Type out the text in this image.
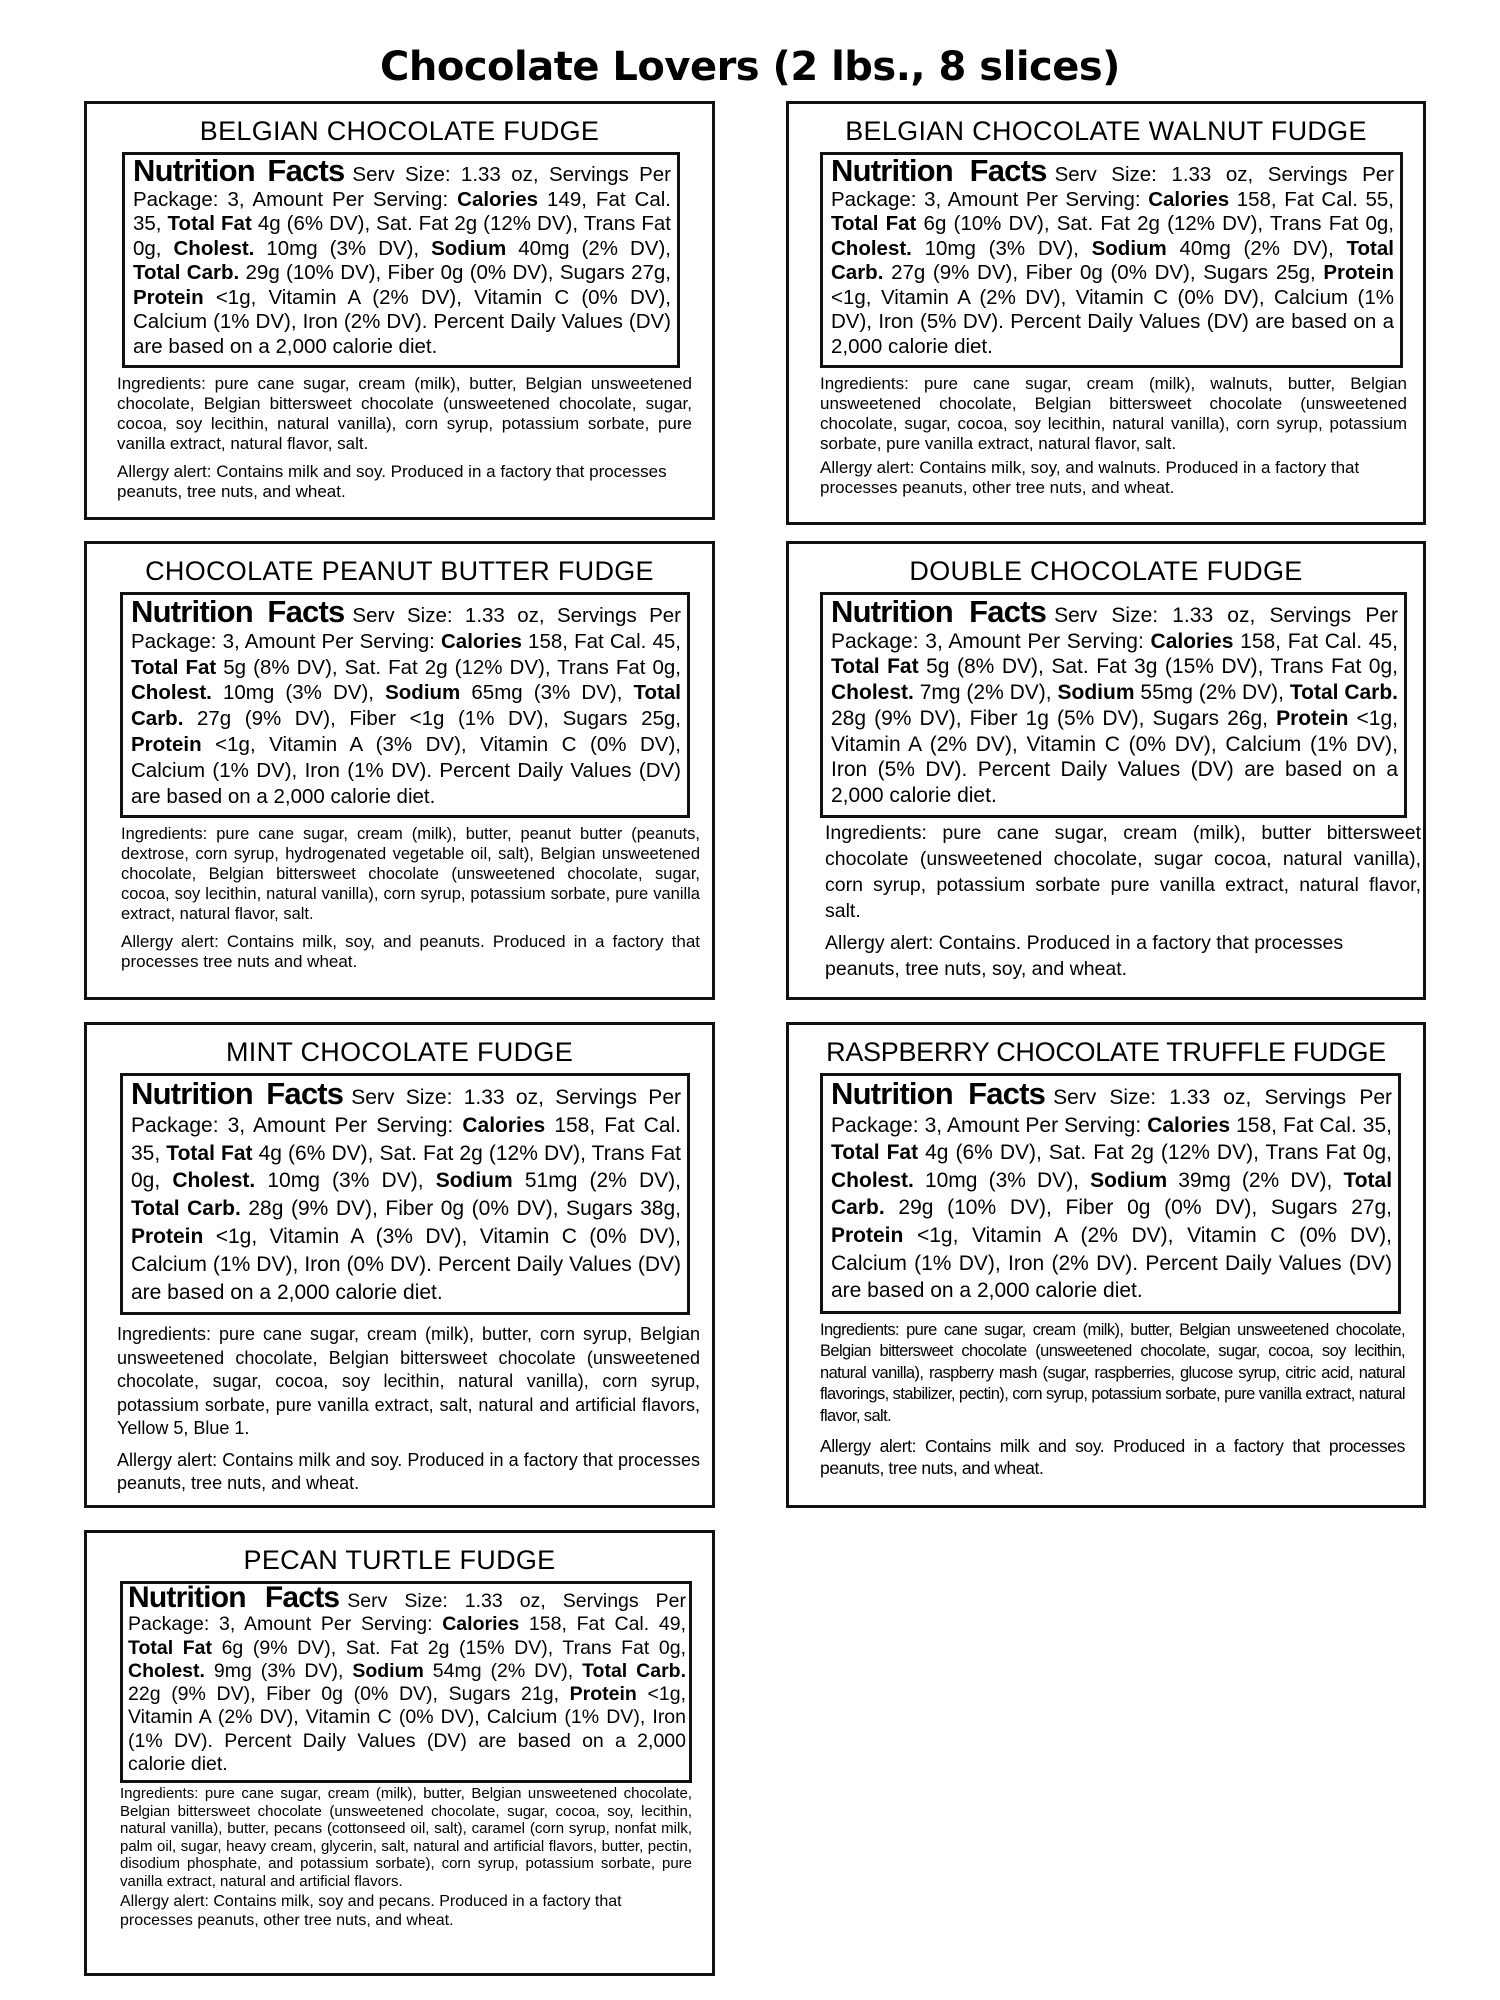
Chocolate Lovers (2 lbs., 8 slices)
BELGIAN CHOCOLATE FUDGE

Nutrition Facts Serv Size: 1.33 oz, Servings Per Package: 3, Amount Per Serving: Calories 149, Fat Cal. 35, Total Fat 4g (6% DV), Sat. Fat 2g (12% DV), Trans Fat 0g, Cholest. 10mg (3% DV), Sodium 40mg (2% DV), Total Carb. 29g (10% DV), Fiber 0g (0% DV), Sugars 27g, Protein <1g, Vitamin A (2% DV), Vitamin C (0% DV), Calcium (1% DV), Iron (2% DV). Percent Daily Values (DV) are based on a 2,000 calorie diet.

Ingredients: pure cane sugar, cream (milk), butter, Belgian unsweetened chocolate, Belgian bittersweet chocolate (unsweetened chocolate, sugar, cocoa, soy lecithin, natural vanilla), corn syrup, potassium sorbate, pure vanilla extract, natural flavor, salt.
Allergy alert: Contains milk and soy. Produced in a factory that processes peanuts, tree nuts, and wheat.
BELGIAN CHOCOLATE WALNUT FUDGE

Nutrition Facts Serv Size: 1.33 oz, Servings Per Package: 3, Amount Per Serving: Calories 158, Fat Cal. 55, Total Fat 6g (10% DV), Sat. Fat 2g (12% DV), Trans Fat 0g, Cholest. 10mg (3% DV), Sodium 40mg (2% DV), Total Carb. 27g (9% DV), Fiber 0g (0% DV), Sugars 25g, Protein <1g, Vitamin A (2% DV), Vitamin C (0% DV), Calcium (1% DV), Iron (5% DV). Percent Daily Values (DV) are based on a 2,000 calorie diet.

Ingredients: pure cane sugar, cream (milk), walnuts, butter, Belgian unsweetened chocolate, Belgian bittersweet chocolate (unsweetened chocolate, sugar, cocoa, soy lecithin, natural vanilla), corn syrup, potassium sorbate, pure vanilla extract, natural flavor, salt.
Allergy alert: Contains milk, soy, and walnuts. Produced in a factory that processes peanuts, other tree nuts, and wheat.
CHOCOLATE PEANUT BUTTER FUDGE

Nutrition Facts Serv Size: 1.33 oz, Servings Per Package: 3, Amount Per Serving: Calories 158, Fat Cal. 45, Total Fat 5g (8% DV), Sat. Fat 2g (12% DV), Trans Fat 0g, Cholest. 10mg (3% DV), Sodium 65mg (3% DV), Total Carb. 27g (9% DV), Fiber <1g (1% DV), Sugars 25g, Protein <1g, Vitamin A (3% DV), Vitamin C (0% DV), Calcium (1% DV), Iron (1% DV). Percent Daily Values (DV) are based on a 2,000 calorie diet.

Ingredients: pure cane sugar, cream (milk), butter, peanut butter (peanuts, dextrose, corn syrup, hydrogenated vegetable oil, salt), Belgian unsweetened chocolate, Belgian bittersweet chocolate (unsweetened chocolate, sugar, cocoa, soy lecithin, natural vanilla), corn syrup, potassium sorbate, pure vanilla extract, natural flavor, salt.
Allergy alert: Contains milk, soy, and peanuts. Produced in a factory that processes tree nuts and wheat.
DOUBLE CHOCOLATE FUDGE

Nutrition Facts Serv Size: 1.33 oz, Servings Per Package: 3, Amount Per Serving: Calories 158, Fat Cal. 45, Total Fat 5g (8% DV), Sat. Fat 3g (15% DV), Trans Fat 0g, Cholest. 7mg (2% DV), Sodium 55mg (2% DV), Total Carb. 28g (9% DV), Fiber 1g (5% DV), Sugars 26g, Protein <1g, Vitamin A (2% DV), Vitamin C (0% DV), Calcium (1% DV), Iron (5% DV). Percent Daily Values (DV) are based on a 2,000 calorie diet.

Ingredients: pure cane sugar, cream (milk), butter bittersweet chocolate (unsweetened chocolate, sugar cocoa, natural vanilla), corn syrup, potassium sorbate pure vanilla extract, natural flavor, salt.
Allergy alert: Contains. Produced in a factory that processes peanuts, tree nuts, soy, and wheat.
MINT CHOCOLATE FUDGE

Nutrition Facts Serv Size: 1.33 oz, Servings Per Package: 3, Amount Per Serving: Calories 158, Fat Cal. 35, Total Fat 4g (6% DV), Sat. Fat 2g (12% DV), Trans Fat 0g, Cholest. 10mg (3% DV), Sodium 51mg (2% DV), Total Carb. 28g (9% DV), Fiber 0g (0% DV), Sugars 38g, Protein <1g, Vitamin A (3% DV), Vitamin C (0% DV), Calcium (1% DV), Iron (0% DV). Percent Daily Values (DV) are based on a 2,000 calorie diet.

Ingredients: pure cane sugar, cream (milk), butter, corn syrup, Belgian unsweetened chocolate, Belgian bittersweet chocolate (unsweetened chocolate, sugar, cocoa, soy lecithin, natural vanilla), corn syrup, potassium sorbate, pure vanilla extract, salt, natural and artificial flavors, Yellow 5, Blue 1.
Allergy alert: Contains milk and soy. Produced in a factory that processes peanuts, tree nuts, and wheat.
RASPBERRY CHOCOLATE TRUFFLE FUDGE

Nutrition Facts Serv Size: 1.33 oz, Servings Per Package: 3, Amount Per Serving: Calories 158, Fat Cal. 35, Total Fat 4g (6% DV), Sat. Fat 2g (12% DV), Trans Fat 0g, Cholest. 10mg (3% DV), Sodium 39mg (2% DV), Total Carb. 29g (10% DV), Fiber 0g (0% DV), Sugars 27g, Protein <1g, Vitamin A (2% DV), Vitamin C (0% DV), Calcium (1% DV), Iron (2% DV). Percent Daily Values (DV) are based on a 2,000 calorie diet.

Ingredients: pure cane sugar, cream (milk), butter, Belgian unsweetened chocolate, Belgian bittersweet chocolate (unsweetened chocolate, sugar, cocoa, soy lecithin, natural vanilla), raspberry mash (sugar, raspberries, glucose syrup, citric acid, natural flavorings, stabilizer, pectin), corn syrup, potassium sorbate, pure vanilla extract, natural flavor, salt.
Allergy alert: Contains milk and soy. Produced in a factory that processes peanuts, tree nuts, and wheat.
PECAN TURTLE FUDGE

Nutrition Facts Serv Size: 1.33 oz, Servings Per Package: 3, Amount Per Serving: Calories 158, Fat Cal. 49, Total Fat 6g (9% DV), Sat. Fat 2g (15% DV), Trans Fat 0g, Cholest. 9mg (3% DV), Sodium 54mg (2% DV), Total Carb. 22g (9% DV), Fiber 0g (0% DV), Sugars 21g, Protein <1g, Vitamin A (2% DV), Vitamin C (0% DV), Calcium (1% DV), Iron (1% DV). Percent Daily Values (DV) are based on a 2,000 calorie diet.

Ingredients: pure cane sugar, cream (milk), butter, Belgian unsweetened chocolate, Belgian bittersweet chocolate (unsweetened chocolate, sugar, cocoa, soy, lecithin, natural vanilla), butter, pecans (cottonseed oil, salt), caramel (corn syrup, nonfat milk, palm oil, sugar, heavy cream, glycerin, salt, natural and artificial flavors, butter, pectin, disodium phosphate, and potassium sorbate), corn syrup, potassium sorbate, pure vanilla extract, natural and artificial flavors.
Allergy alert: Contains milk, soy and pecans. Produced in a factory that processes peanuts, other tree nuts, and wheat.
